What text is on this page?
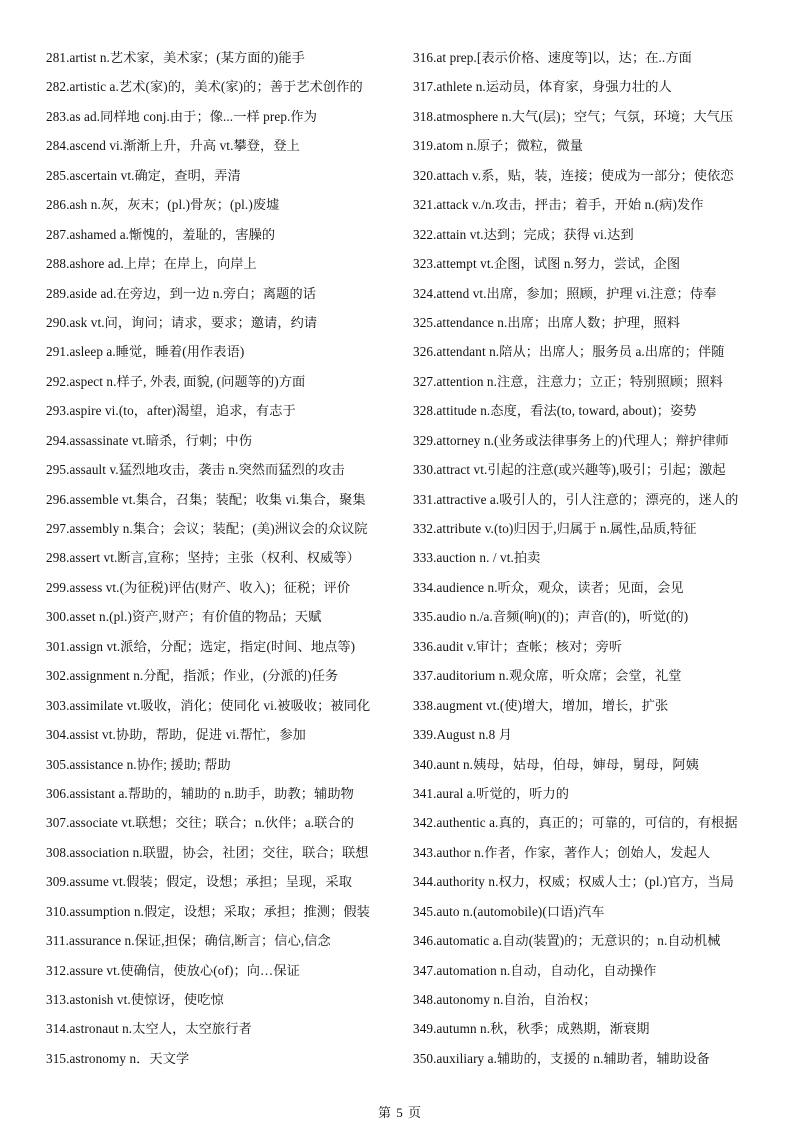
281.artist n.艺术家，美术家；(某方面的)能手
282.artistic a.艺术(家)的，美术(家)的；善于艺术创作的
283.as ad.同样地 conj.由于；像...一样 prep.作为
284.ascend vi.渐渐上升，升高 vt.攀登，登上
285.ascertain vt.确定，查明，弄清
286.ash n.灰，灰末；(pl.)骨灰；(pl.)废墟
287.ashamed a.惭愧的，羞耻的，害臊的
288.ashore ad.上岸；在岸上，向岸上
289.aside ad.在旁边，到一边 n.旁白；离题的话
290.ask vt.问，询问；请求，要求；邀请，约请
291.asleep a.睡觉，睡着(用作表语)
292.aspect n.样子, 外表, 面貌, (问题等的)方面
293.aspire vi.(to，after)渴望，追求，有志于
294.assassinate vt.暗杀，行刺；中伤
295.assault v.猛烈地攻击，袭击 n.突然而猛烈的攻击
296.assemble vt.集合，召集；装配；收集 vi.集合，聚集
297.assembly n.集合；会议；装配；(美)洲议会的众议院
298.assert vt.断言,宣称；坚持；主张（权利、权威等）
299.assess vt.(为征税)评估(财产、收入)；征税；评价
300.asset n.(pl.)资产,财产；有价值的物品；天赋
301.assign vt.派给，分配；选定，指定(时间、地点等)
302.assignment n.分配，指派；作业，(分派的)任务
303.assimilate vt.吸收，消化；使同化 vi.被吸收；被同化
304.assist vt.协助，帮助，促进 vi.帮忙，参加
305.assistance n.协作; 援助; 帮助
306.assistant a.帮助的，辅助的 n.助手，助教；辅助物
307.associate vt.联想；交往；联合；n.伙伴；a.联合的
308.association n.联盟，协会，社团；交往，联合；联想
309.assume vt.假装；假定，设想；承担；呈现，采取
310.assumption n.假定，设想；采取；承担；推测；假装
311.assurance n.保证,担保；确信,断言；信心,信念
312.assure vt.使确信，使放心(of)；向…保证
313.astonish vt.使惊讶，使吃惊
314.astronaut n.太空人，太空旅行者
315.astronomy n．天文学
316.at prep.[表示价格、速度等]以，达；在..方面
317.athlete n.运动员，体育家，身强力壮的人
318.atmosphere n.大气(层)；空气；气氛，环境；大气压
319.atom n.原子；微粒，微量
320.attach v.系，贴，装，连接；使成为一部分；使依恋
321.attack v./n.攻击，抨击；着手，开始 n.(病)发作
322.attain vt.达到；完成；获得 vi.达到
323.attempt vt.企图，试图 n.努力，尝试，企图
324.attend vt.出席，参加；照顾，护理 vi.注意；侍奉
325.attendance n.出席；出席人数；护理，照料
326.attendant n.陪从；出席人；服务员 a.出席的；伴随
327.attention n.注意，注意力；立正；特别照顾；照料
328.attitude n.态度，看法(to, toward, about)；姿势
329.attorney n.(业务或法律事务上的)代理人；辩护律师
330.attract vt.引起的注意(或兴趣等),吸引；引起；激起
331.attractive a.吸引人的，引人注意的；漂亮的，迷人的
332.attribute v.(to)归因于,归属于 n.属性,品质,特征
333.auction n. / vt.拍卖
334.audience n.听众，观众，读者；见面，会见
335.audio n./a.音频(响)(的)；声音(的)，听觉(的)
336.audit v.审计；查帐；核对；旁听
337.auditorium n.观众席，听众席；会堂，礼堂
338.augment vt.(使)增大，增加，增长，扩张
339.August n.8 月
340.aunt n.姨母，姑母，伯母，婶母，舅母，阿姨
341.aural a.听觉的，听力的
342.authentic a.真的，真正的；可靠的，可信的，有根据
343.author n.作者，作家，著作人；创始人，发起人
344.authority n.权力，权威；权威人士；(pl.)官方，当局
345.auto n.(automobile)(口语)汽车
346.automatic a.自动(装置)的；无意识的；n.自动机械
347.automation n.自动，自动化，自动操作
348.autonomy n.自治，自治权；
349.autumn n.秋，秋季；成熟期，渐衰期
350.auxiliary a.辅助的，支援的 n.辅助者，辅助设备
第 5 页
